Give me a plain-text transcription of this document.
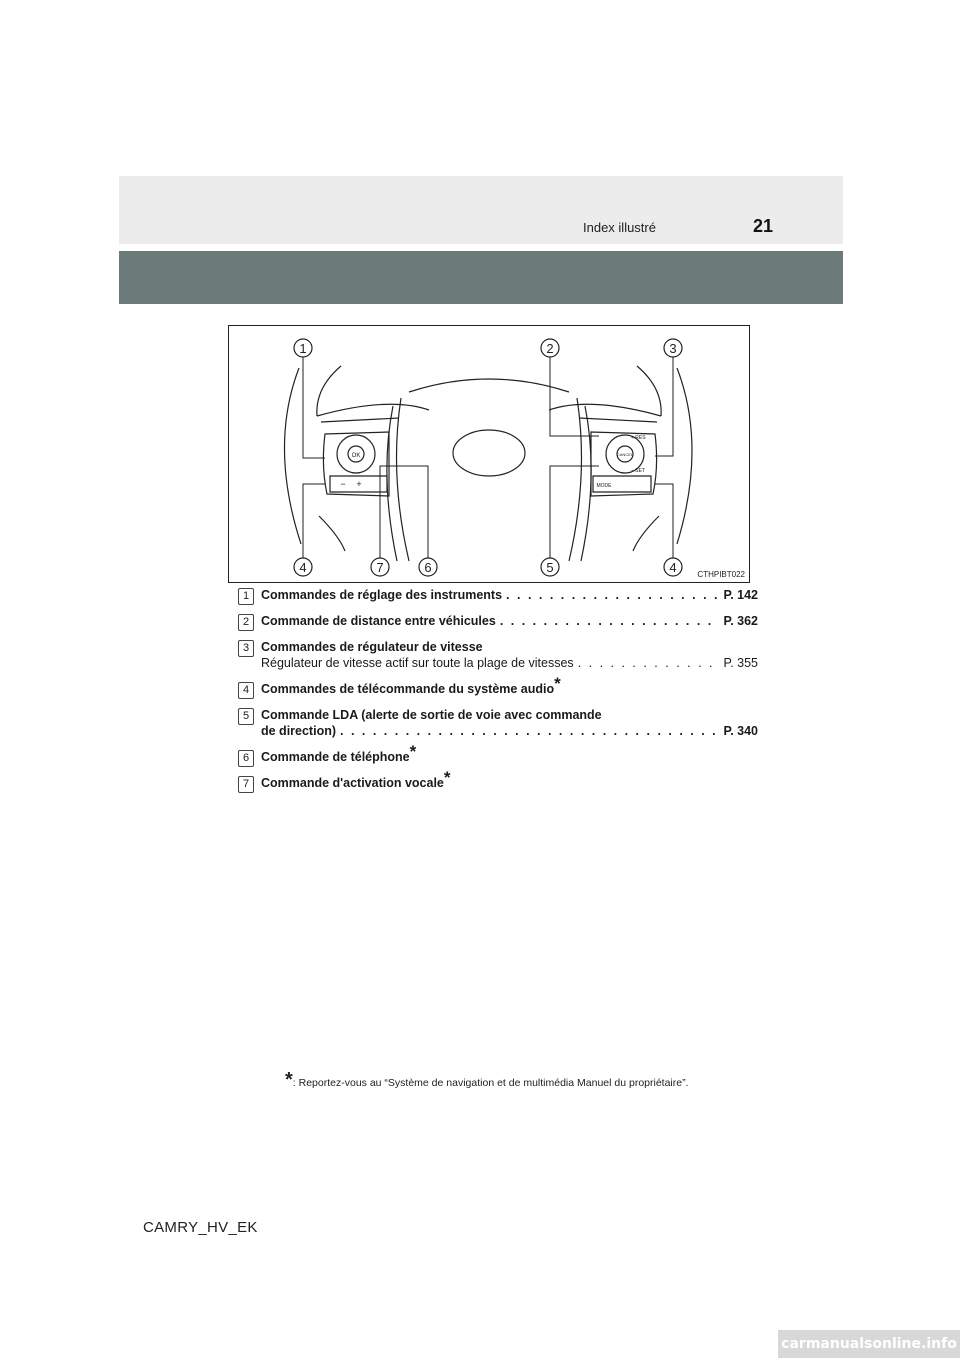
Index illustré	21
1	2	3
4	7	6	5	4
OK
− +
CANCEL
+ RES
− SET
MODE
CTHPIBT022
1 Commandes de réglage des instruments . . .	P. 142
2 Commande de distance entre véhicules . . .	P. 362
3 Commandes de régulateur de vitesse
Régulateur de vitesse actif sur toute la plage de vitesses . . .	P. 355
4 Commandes de télécommande du système audio*
5 Commande LDA (alerte de sortie de voie avec commande
de direction) . . .	P. 340
6 Commande de téléphone*
7 Commande d'activation vocale*
*: Reportez-vous au “Système de navigation et de multimédia Manuel du propriétaire”.
CAMRY_HV_EK
carmanualsonline.info
